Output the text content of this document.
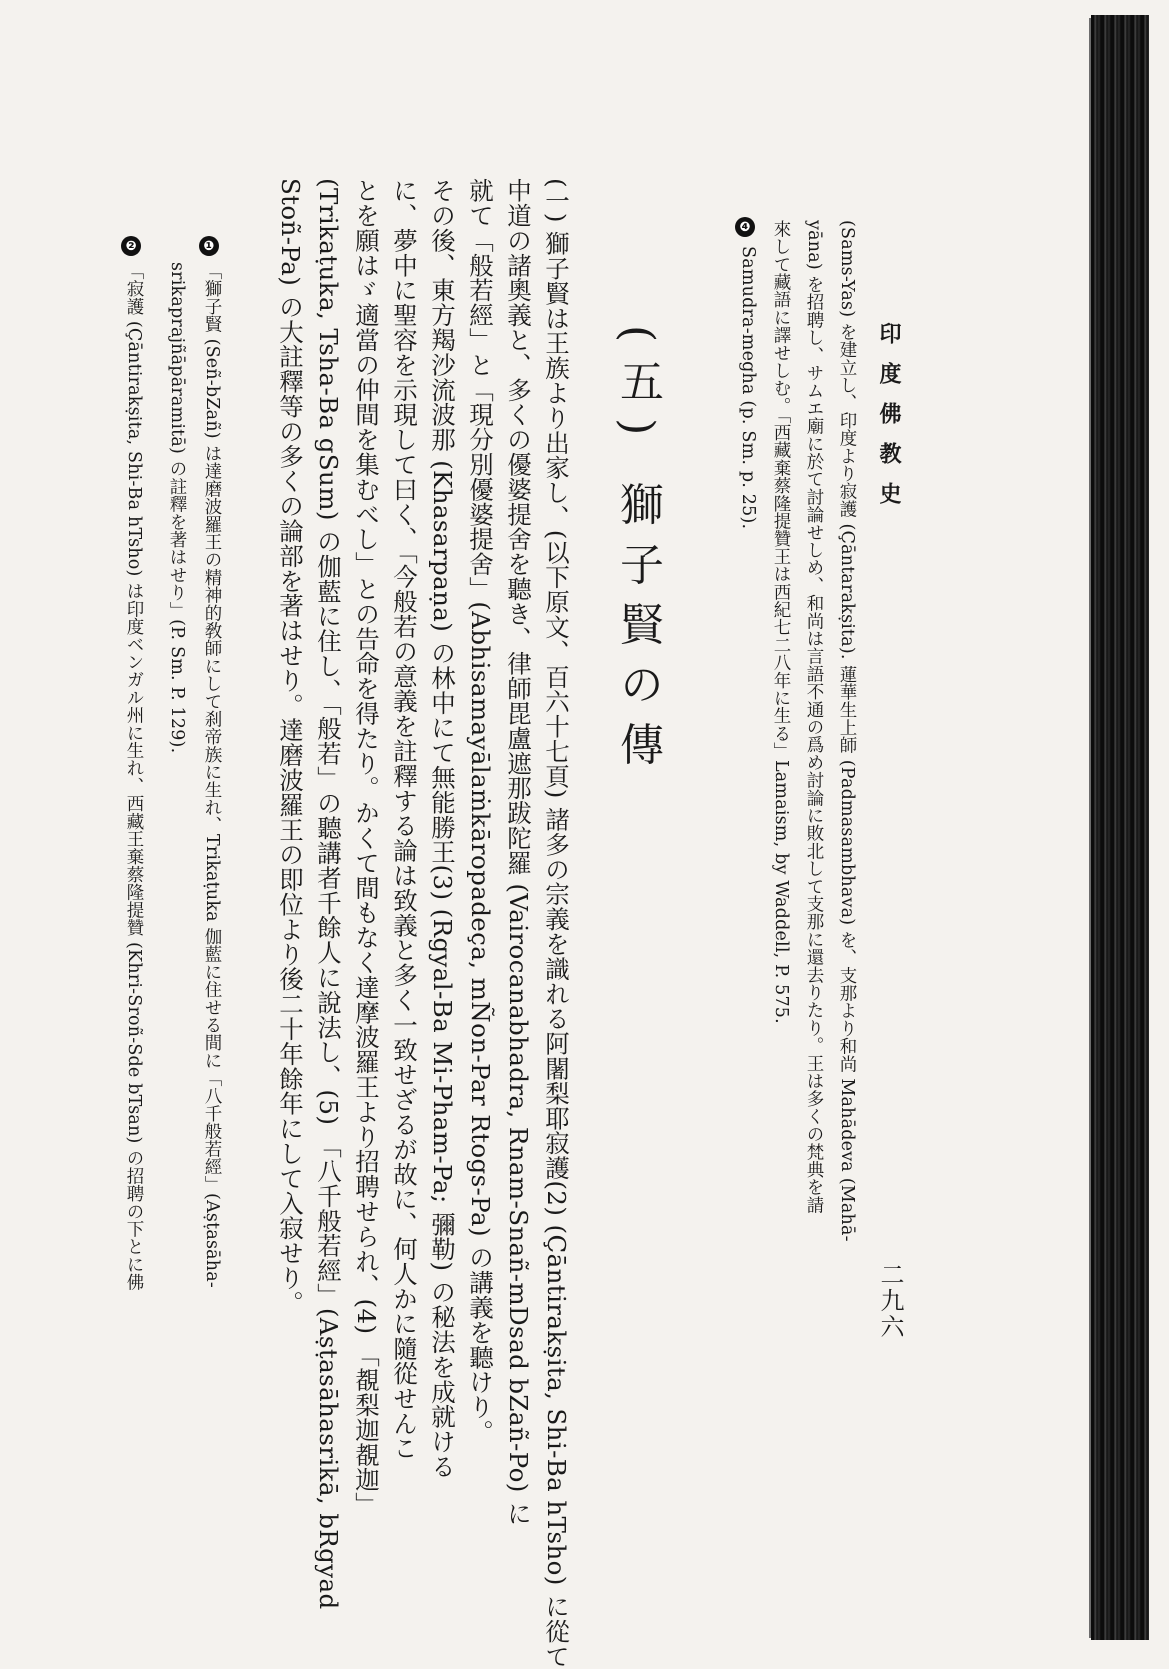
印度佛教史
二九六
(Sams-Yas) を建立し、印度より寂護 (Çāntarakṣita). 蓮華生上師 (Padmasambhava) を、支那より和尚 Mahādeva (Mahā-
yāna) を招聘し、サムエ廟に於て討論せしめ、和尚は言語不通の爲め討論に敗北して支那に還去りたり。王は多くの梵典を請
來して藏語に譯せしむ。「西藏棄蔡隆提贊王は西紀七二八年に生る」Lamaism, by Waddell, P. 575.
❹
Samudra-megha (p. Sm. p. 25).
(五) 獅子賢の傳
(一) 獅子賢は王族より出家し、(以下原文、百六十七頁) 諸多の宗義を識れる阿闍梨耶寂護(2) (Çāntirakṣita, Shi-Ba hTsho) に從て
中道の諸奧義と、多くの優婆提舍を聽き、律師毘盧遮那跋陀羅 (Vairocanabhadra, Rnam-Snañ-mDsad bZañ-Po) に
就て「般若經」と「現分別優婆提舍」(Abhisamayālaṁkāropadeça, mÑon-Par Rtogs-Pa) の講義を聽けり。
その後、東方羯沙流波那 (Khasarpaṇa) の林中にて無能勝王(3) (Rgyal-Ba Mi-Pham-Pa; 彌勒) の秘法を成就ける
に、夢中に聖容を示現して曰く、「今般若の意義を註釋する論は致義と多く一致せざるが故に、何人かに隨從せんこ
とを願はゞ適當の仲間を集むべし」との告命を得たり。かくて間もなく達摩波羅王より招聘せられ、(4) 「覩梨迦覩迦」
(Trikaṭuka, Tsha-Ba gSum) の伽藍に住し、「般若」の聽講者千餘人に說法し、(5) 「八千般若經」(Aṣṭasāhasrikā, bRgyad
Stoñ-Pa) の大註釋等の多くの論部を著はせり。達磨波羅王の即位より後二十年餘年にして入寂せり。
❶
「獅子賢 (Señ-bZañ) は達磨波羅王の精神的敎師にして刹帝族に生れ、Trikaṭuka 伽藍に住せる間に「八千般若經」(Aṣṭasāha-
srikaprajñāpāramitā) の註釋を著はせり」(P. Sm. P. 129).
❷
「寂護 (Çāntirakṣita, Shi-Ba hTsho) は印度ベンガル州に生れ、西藏王棄蔡隆提贊 (Khri-Sroñ-Sde bTsan) の招聘の下とに佛
